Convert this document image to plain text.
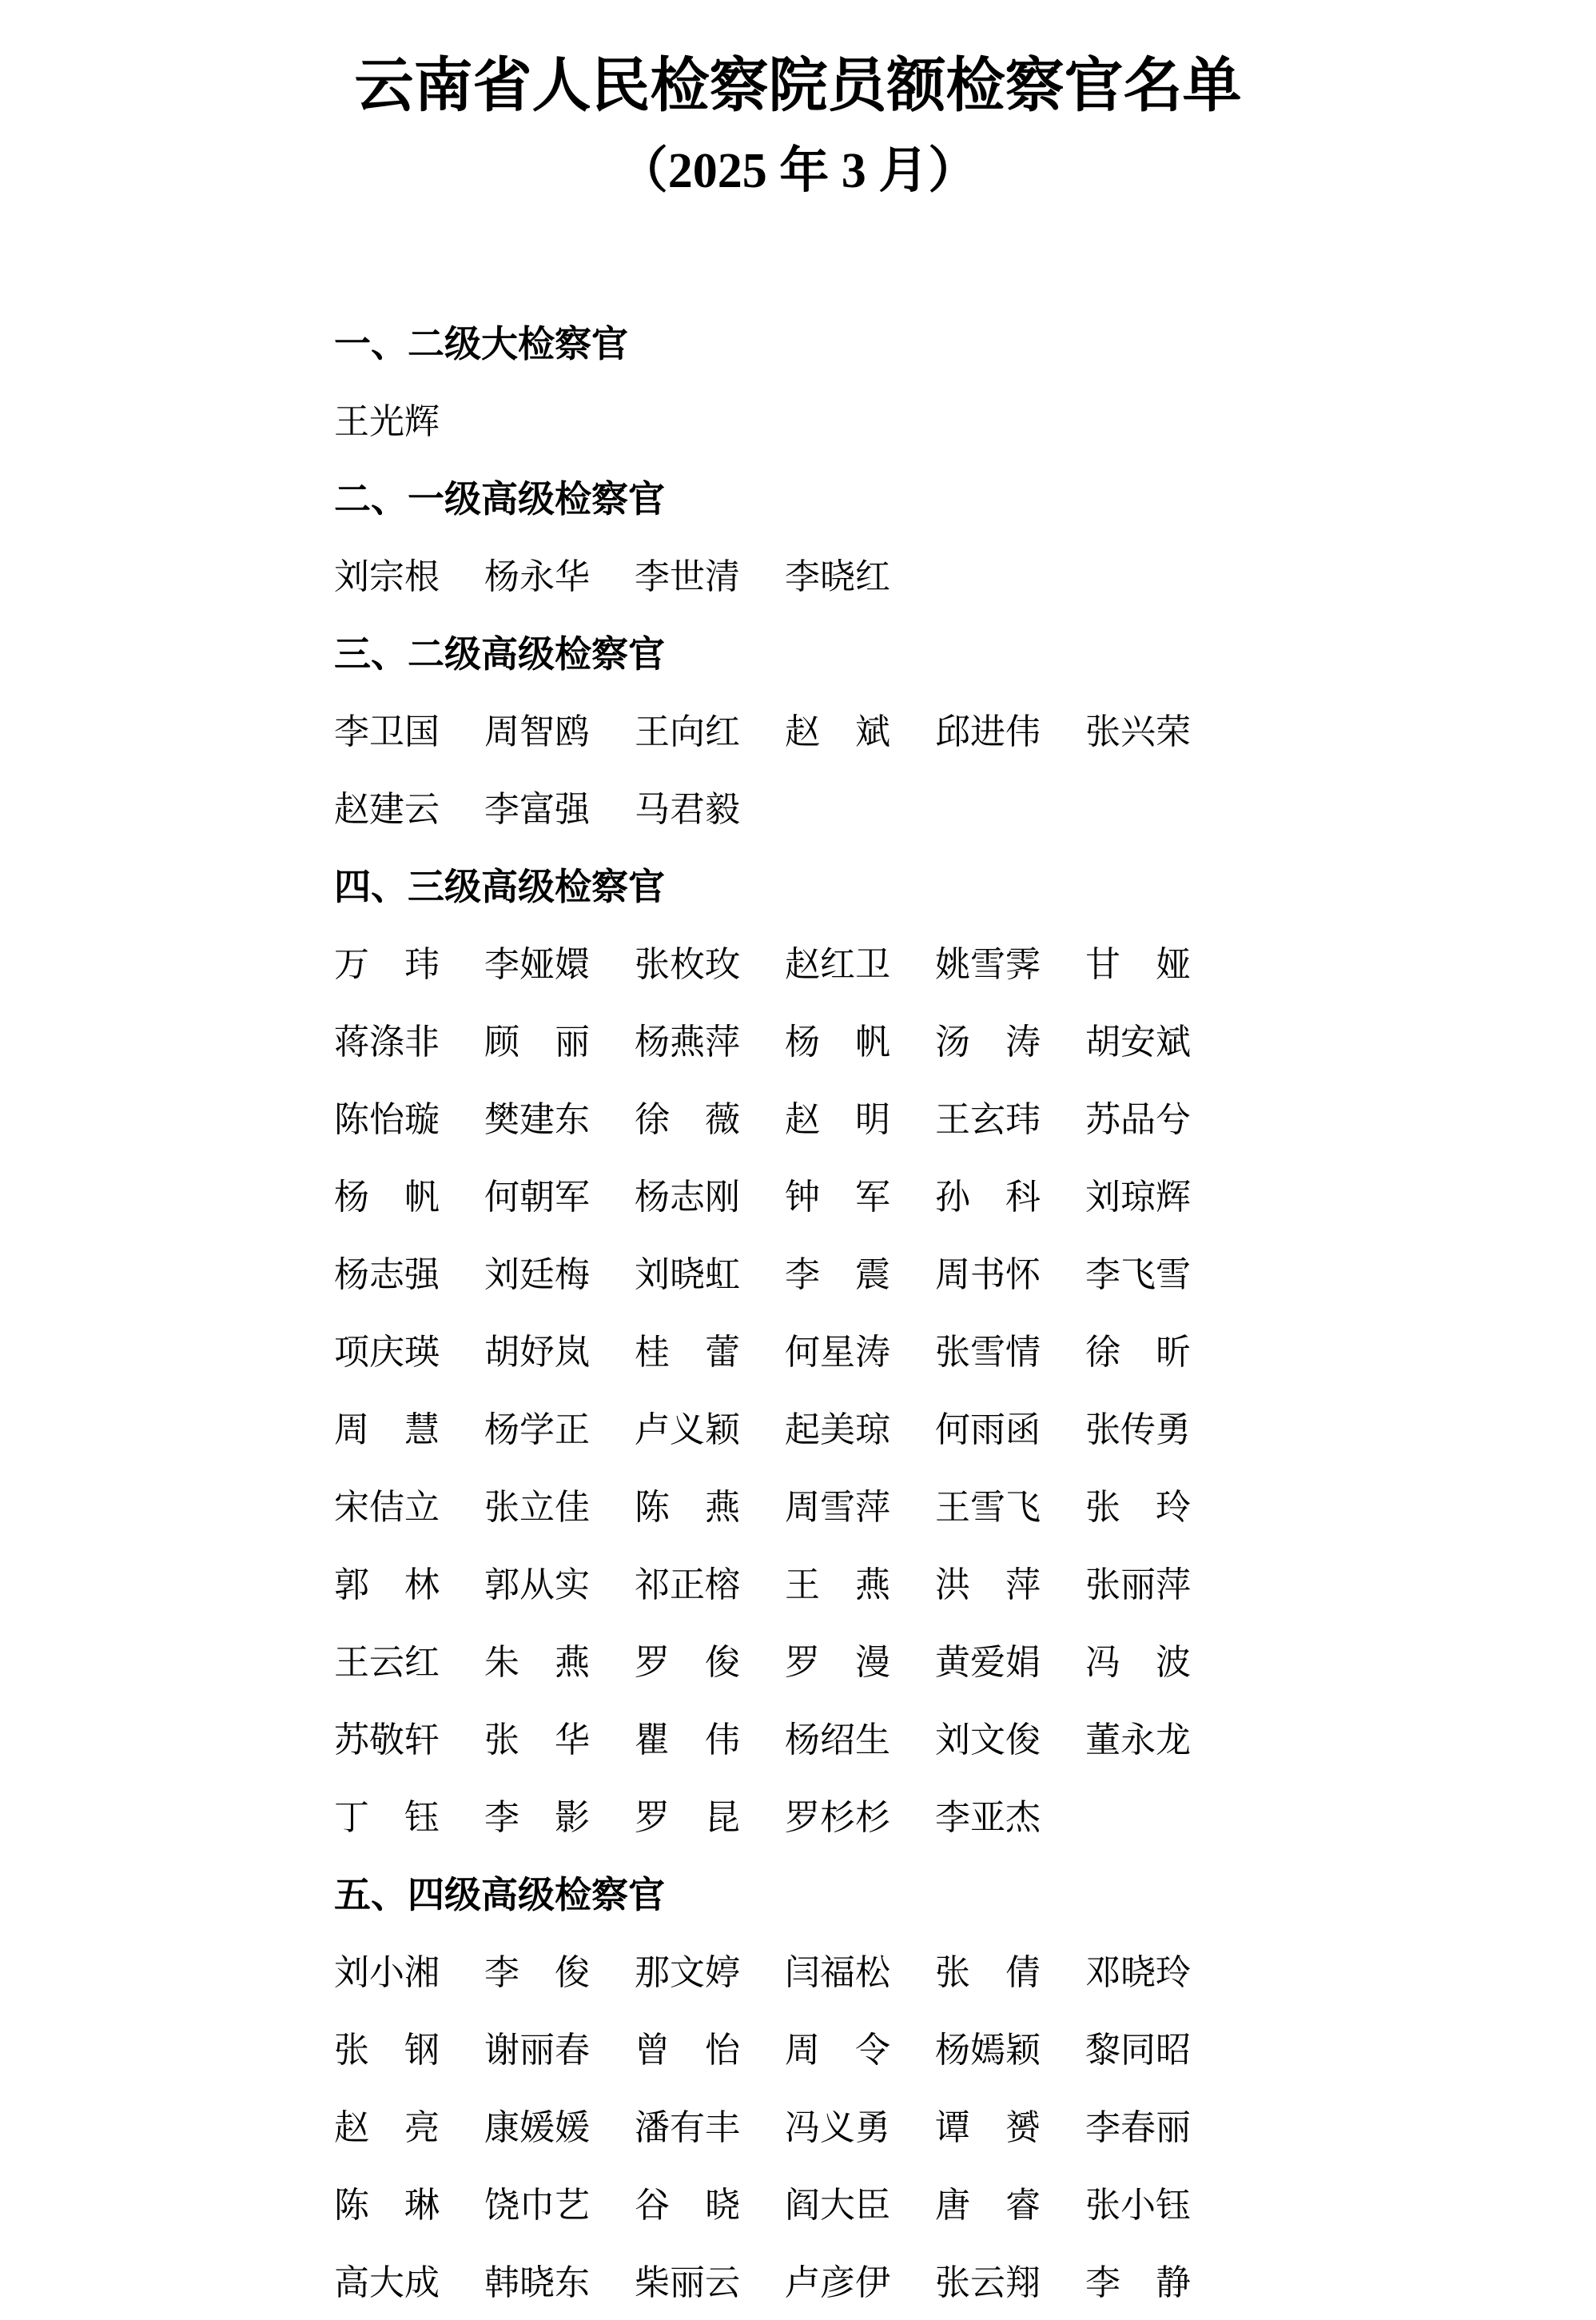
云南省人民检察院员额检察官名单
（2025 年 3 月）
一、二级大检察官
王光辉
二、一级高级检察官
刘宗根 杨永华 李世清 李晓红
三、二级高级检察官
李卫国 周智鸥 王向红 赵　斌 邱进伟 张兴荣
赵建云 李富强 马君毅
四、三级高级检察官
万　玮 李娅嬛 张枚玫 赵红卫 姚雪霁 甘　娅
蒋涤非 顾　丽 杨燕萍 杨　帆 汤　涛 胡安斌
陈怡璇 樊建东 徐　薇 赵　明 王玄玮 苏品兮
杨　帆 何朝军 杨志刚 钟　军 孙　科 刘琼辉
杨志强 刘廷梅 刘晓虹 李　震 周书怀 李飞雪
项庆瑛 胡妤岚 桂　蕾 何星涛 张雪情 徐　昕
周　慧 杨学正 卢义颖 起美琼 何雨函 张传勇
宋佶立 张立佳 陈　燕 周雪萍 王雪飞 张　玲
郭　林 郭从实 祁正榕 王　燕 洪　萍 张丽萍
王云红 朱　燕 罗　俊 罗　漫 黄爱娟 冯　波
苏敬轩 张　华 瞿　伟 杨绍生 刘文俊 董永龙
丁　钰 李　影 罗　昆 罗杉杉 李亚杰
五、四级高级检察官
刘小湘 李　俊 那文婷 闫福松 张　倩 邓晓玲
张　钢 谢丽春 曾　怡 周　令 杨嫣颖 黎同昭
赵　亮 康媛媛 潘有丰 冯义勇 谭　赟 李春丽
陈　琳 饶巾艺 谷　晓 阎大臣 唐　睿 张小钰
高大成 韩晓东 柴丽云 卢彦伊 张云翔 李　静
